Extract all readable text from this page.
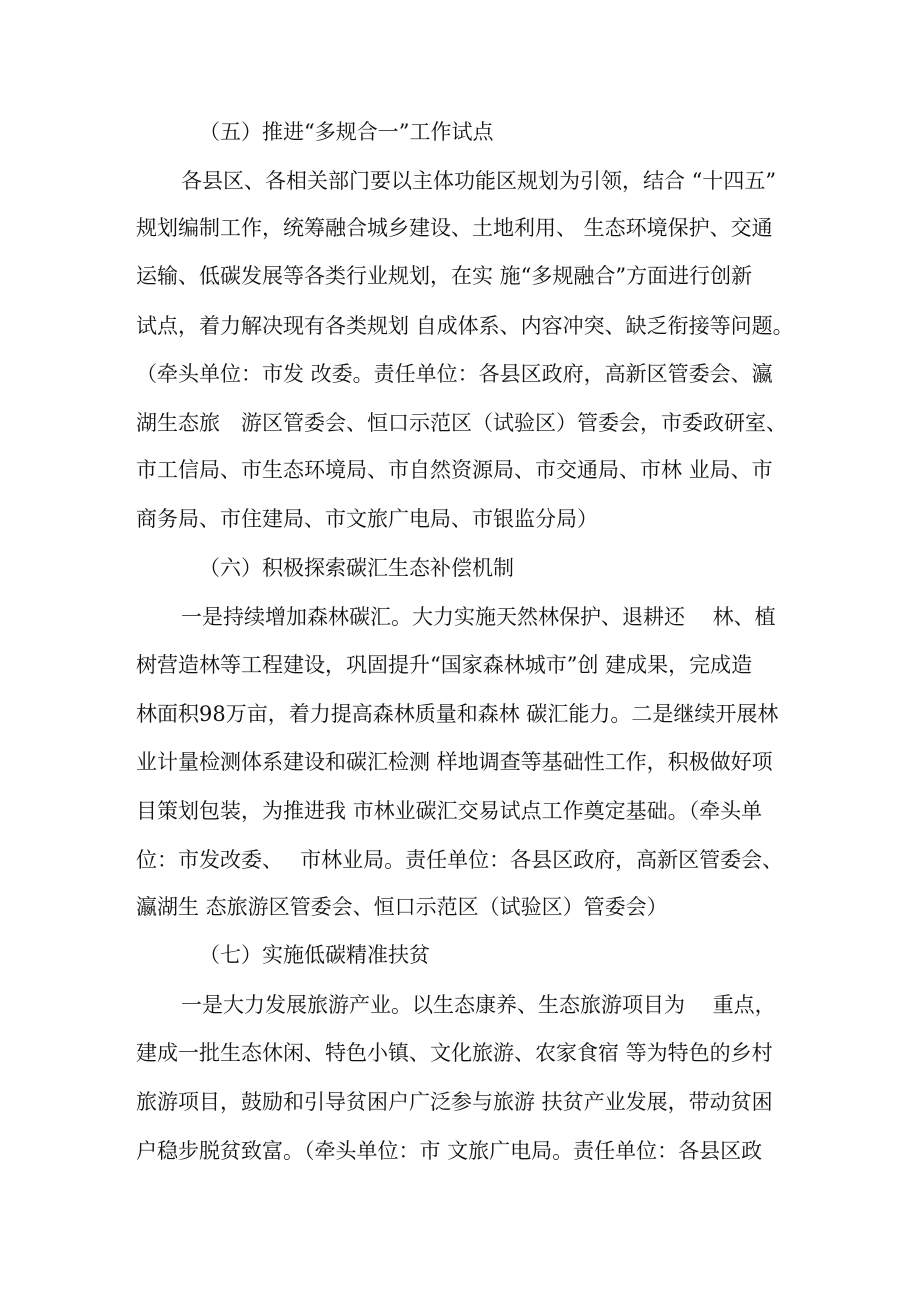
（五）推进“多规合一”工作试点
各县区、各相关部门要以主体功能区规划为引领，结合 “十四五”
规划编制工作，统筹融合城乡建设、土地利用、 生态环境保护、交通
运输、低碳发展等各类行业规划，在实 施“多规融合”方面进行创新
试点，着力解决现有各类规划 自成体系、内容冲突、缺乏衔接等问题。
（牵头单位：市发 改委。责任单位：各县区政府，高新区管委会、瀛
湖生态旅　游区管委会、恒口示范区（试验区）管委会，市委政研室、
市工信局、市生态环境局、市自然资源局、市交通局、市林 业局、市
商务局、市住建局、市文旅广电局、市银监分局）
（六）积极探索碳汇生态补偿机制
一是持续增加森林碳汇。大力实施天然林保护、退耕还　 林、植
树营造林等工程建设，巩固提升“国家森林城市”创 建成果，完成造
林面积98万亩，着力提高森林质量和森林 碳汇能力。二是继续开展林
业计量检测体系建设和碳汇检测 样地调查等基础性工作，积极做好项
目策划包装，为推进我 市林业碳汇交易试点工作奠定基础。（牵头单
位：市发改委、　 市林业局。责任单位：各县区政府，高新区管委会、
瀛湖生 态旅游区管委会、恒口示范区（试验区）管委会）
（七）实施低碳精准扶贫
一是大力发展旅游产业。以生态康养、生态旅游项目为　 重点，
建成一批生态休闲、特色小镇、文化旅游、农家食宿 等为特色的乡村
旅游项目，鼓励和引导贫困户广泛参与旅游 扶贫产业发展，带动贫困
户稳步脱贫致富。（牵头单位：市 文旅广电局。责任单位：各县区政
